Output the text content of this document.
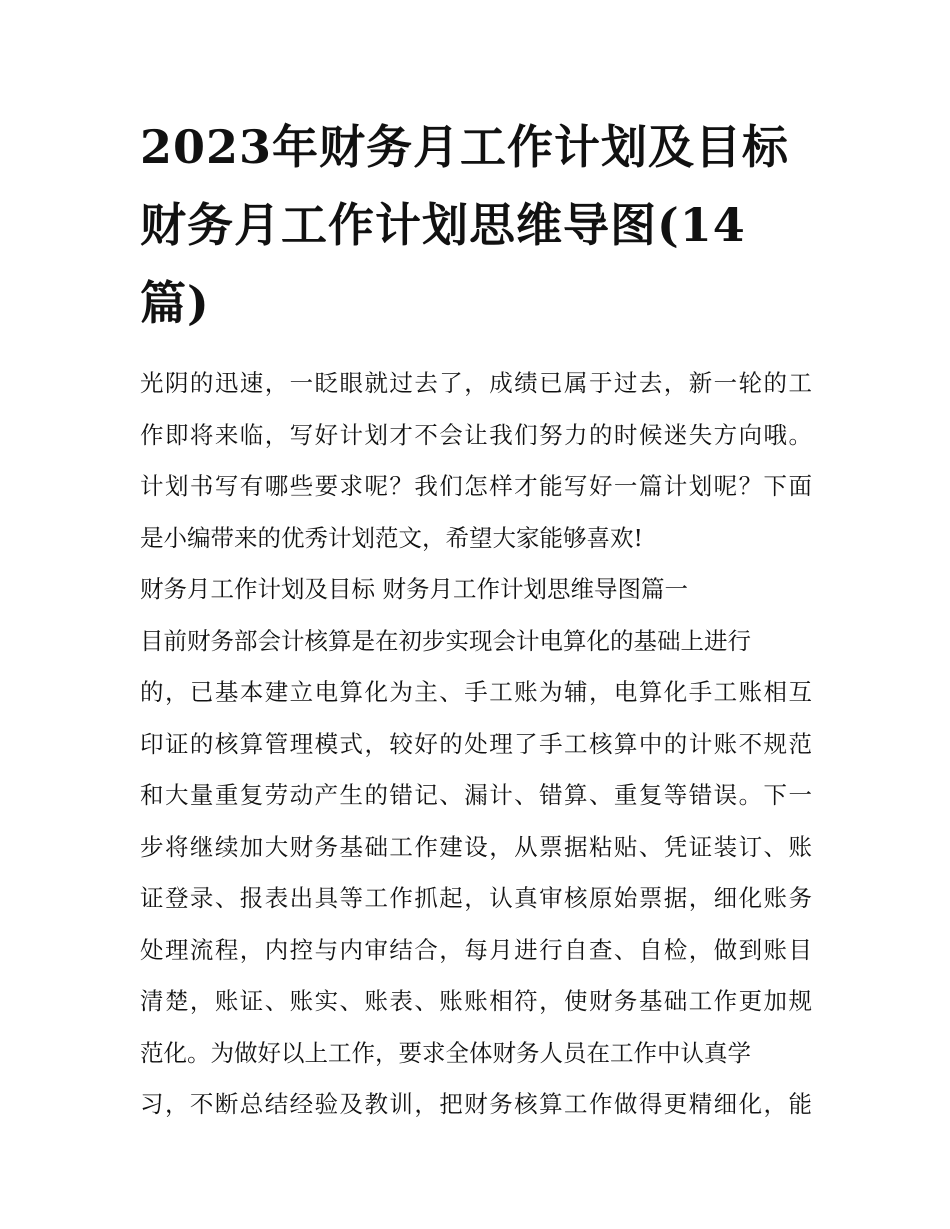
2023年财务月工作计划及目标
财务月工作计划思维导图(14
篇)
光阴的迅速，一眨眼就过去了，成绩已属于过去，新一轮的工
作即将来临，写好计划才不会让我们努力的时候迷失方向哦。
计划书写有哪些要求呢？我们怎样才能写好一篇计划呢？下面
是小编带来的优秀计划范文，希望大家能够喜欢!
财务月工作计划及目标 财务月工作计划思维导图篇一
目前财务部会计核算是在初步实现会计电算化的基础上进行
的，已基本建立电算化为主、手工账为辅，电算化手工账相互
印证的核算管理模式，较好的处理了手工核算中的计账不规范
和大量重复劳动产生的错记、漏计、错算、重复等错误。下一
步将继续加大财务基础工作建设，从票据粘贴、凭证装订、账
证登录、报表出具等工作抓起，认真审核原始票据，细化账务
处理流程，内控与内审结合，每月进行自查、自检，做到账目
清楚，账证、账实、账表、账账相符，使财务基础工作更加规
范化。为做好以上工作，要求全体财务人员在工作中认真学
习，不断总结经验及教训，把财务核算工作做得更精细化，能
